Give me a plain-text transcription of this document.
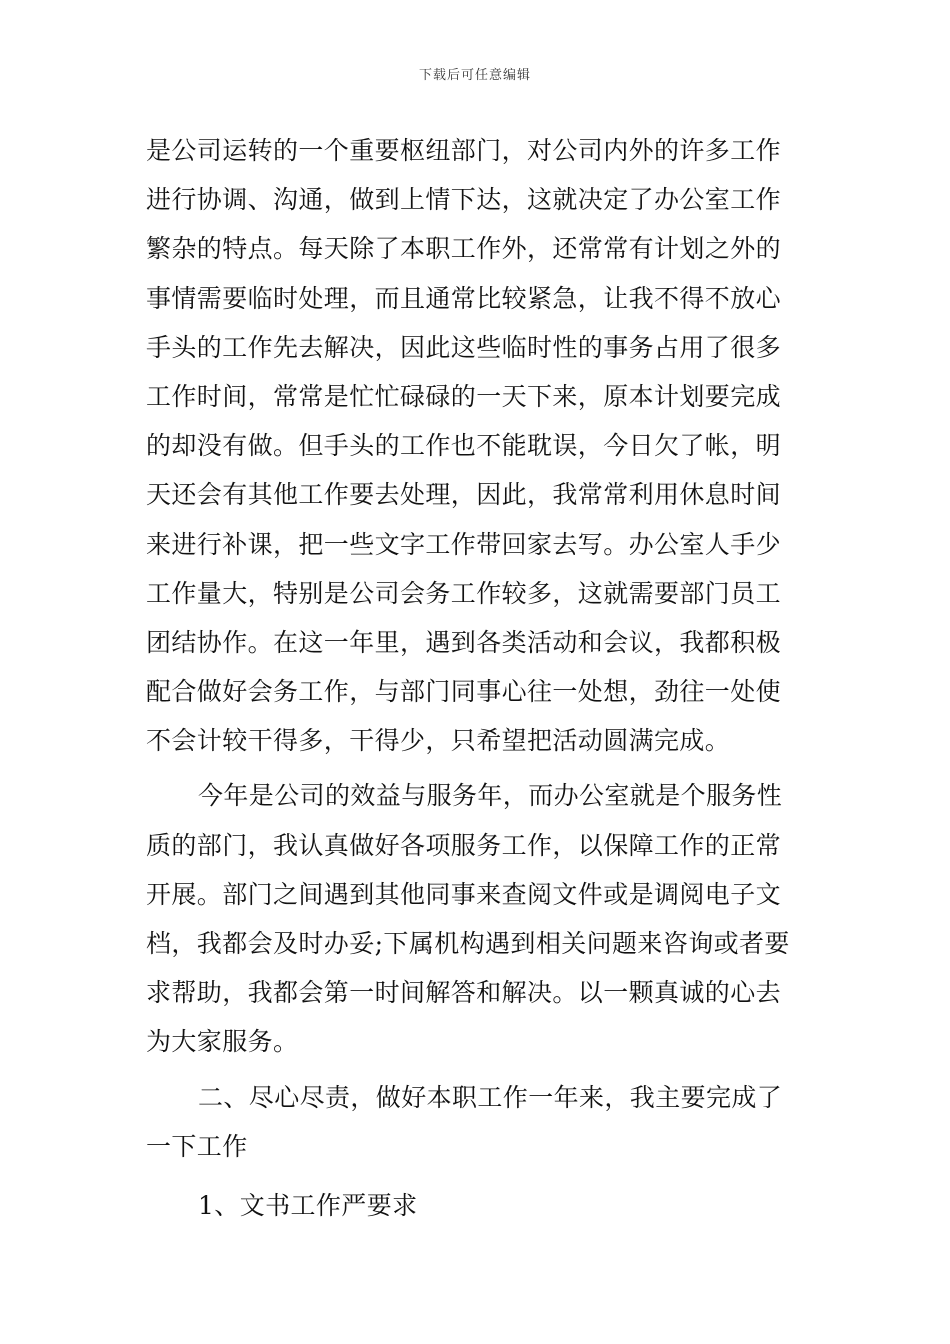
下载后可任意编辑
是公司运转的一个重要枢纽部门，对公司内外的许多工作
进行协调、沟通，做到上情下达，这就决定了办公室工作
繁杂的特点。每天除了本职工作外，还常常有计划之外的
事情需要临时处理，而且通常比较紧急，让我不得不放心
手头的工作先去解决，因此这些临时性的事务占用了很多
工作时间，常常是忙忙碌碌的一天下来，原本计划要完成
的却没有做。但手头的工作也不能耽误，今日欠了帐，明
天还会有其他工作要去处理，因此，我常常利用休息时间
来进行补课，把一些文字工作带回家去写。办公室人手少
工作量大，特别是公司会务工作较多，这就需要部门员工
团结协作。在这一年里，遇到各类活动和会议，我都积极
配合做好会务工作，与部门同事心往一处想，劲往一处使
不会计较干得多，干得少，只希望把活动圆满完成。
今年是公司的效益与服务年，而办公室就是个服务性
质的部门，我认真做好各项服务工作，以保障工作的正常
开展。部门之间遇到其他同事来查阅文件或是调阅电子文
档，我都会及时办妥;下属机构遇到相关问题来咨询或者要
求帮助，我都会第一时间解答和解决。以一颗真诚的心去
为大家服务。
二、尽心尽责，做好本职工作一年来，我主要完成了
一下工作
1、文书工作严要求
